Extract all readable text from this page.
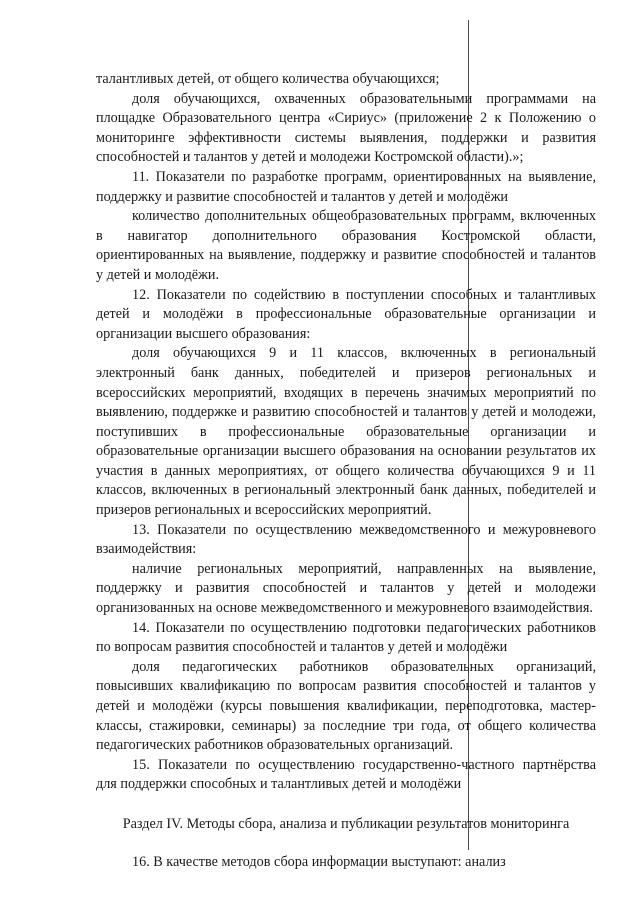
талантливых детей, от общего количества обучающихся;

доля обучающихся, охваченных образовательными программами на площадке Образовательного центра «Сириус» (приложение 2 к Положению о мониторинге эффективности системы выявления, поддержки и развития способностей и талантов у детей и молодежи Костромской области).»;

11. Показатели по разработке программ, ориентированных на выявление, поддержку и развитие способностей и талантов у детей и молодёжи

количество дополнительных общеобразовательных программ, включенных в навигатор дополнительного образования Костромской области, ориентированных на выявление, поддержку и развитие способностей и талантов у детей и молодёжи.

12. Показатели по содействию в поступлении способных и талантливых детей и молодёжи в профессиональные образовательные организации и организации высшего образования:

доля обучающихся 9 и 11 классов, включенных в региональный электронный банк данных, победителей и призеров региональных и всероссийских мероприятий, входящих в перечень значимых мероприятий по выявлению, поддержке и развитию способностей и талантов у детей и молодежи, поступивших в профессиональные образовательные организации и образовательные организации высшего образования на основании результатов их участия в данных мероприятиях, от общего количества обучающихся 9 и 11 классов, включенных в региональный электронный банк данных, победителей и призеров региональных и всероссийских мероприятий.

13. Показатели по осуществлению межведомственного и межуровневого взаимодействия:

наличие региональных мероприятий, направленных на выявление, поддержку и развития способностей и талантов у детей и молодежи организованных на основе межведомственного и межуровневого взаимодействия.

14. Показатели по осуществлению подготовки педагогических работников по вопросам развития способностей и талантов у детей и молодёжи

доля педагогических работников образовательных организаций, повысивших квалификацию по вопросам развития способностей и талантов у детей и молодёжи (курсы повышения квалификации, переподготовка, мастер-классы, стажировки, семинары) за последние три года, от общего количества педагогических работников образовательных организаций.

15. Показатели по осуществлению государственно-частного партнёрства для поддержки способных и талантливых детей и молодёжи

Раздел IV. Методы сбора, анализа и публикации результатов мониторинга

16. В качестве методов сбора информации выступают: анализ
